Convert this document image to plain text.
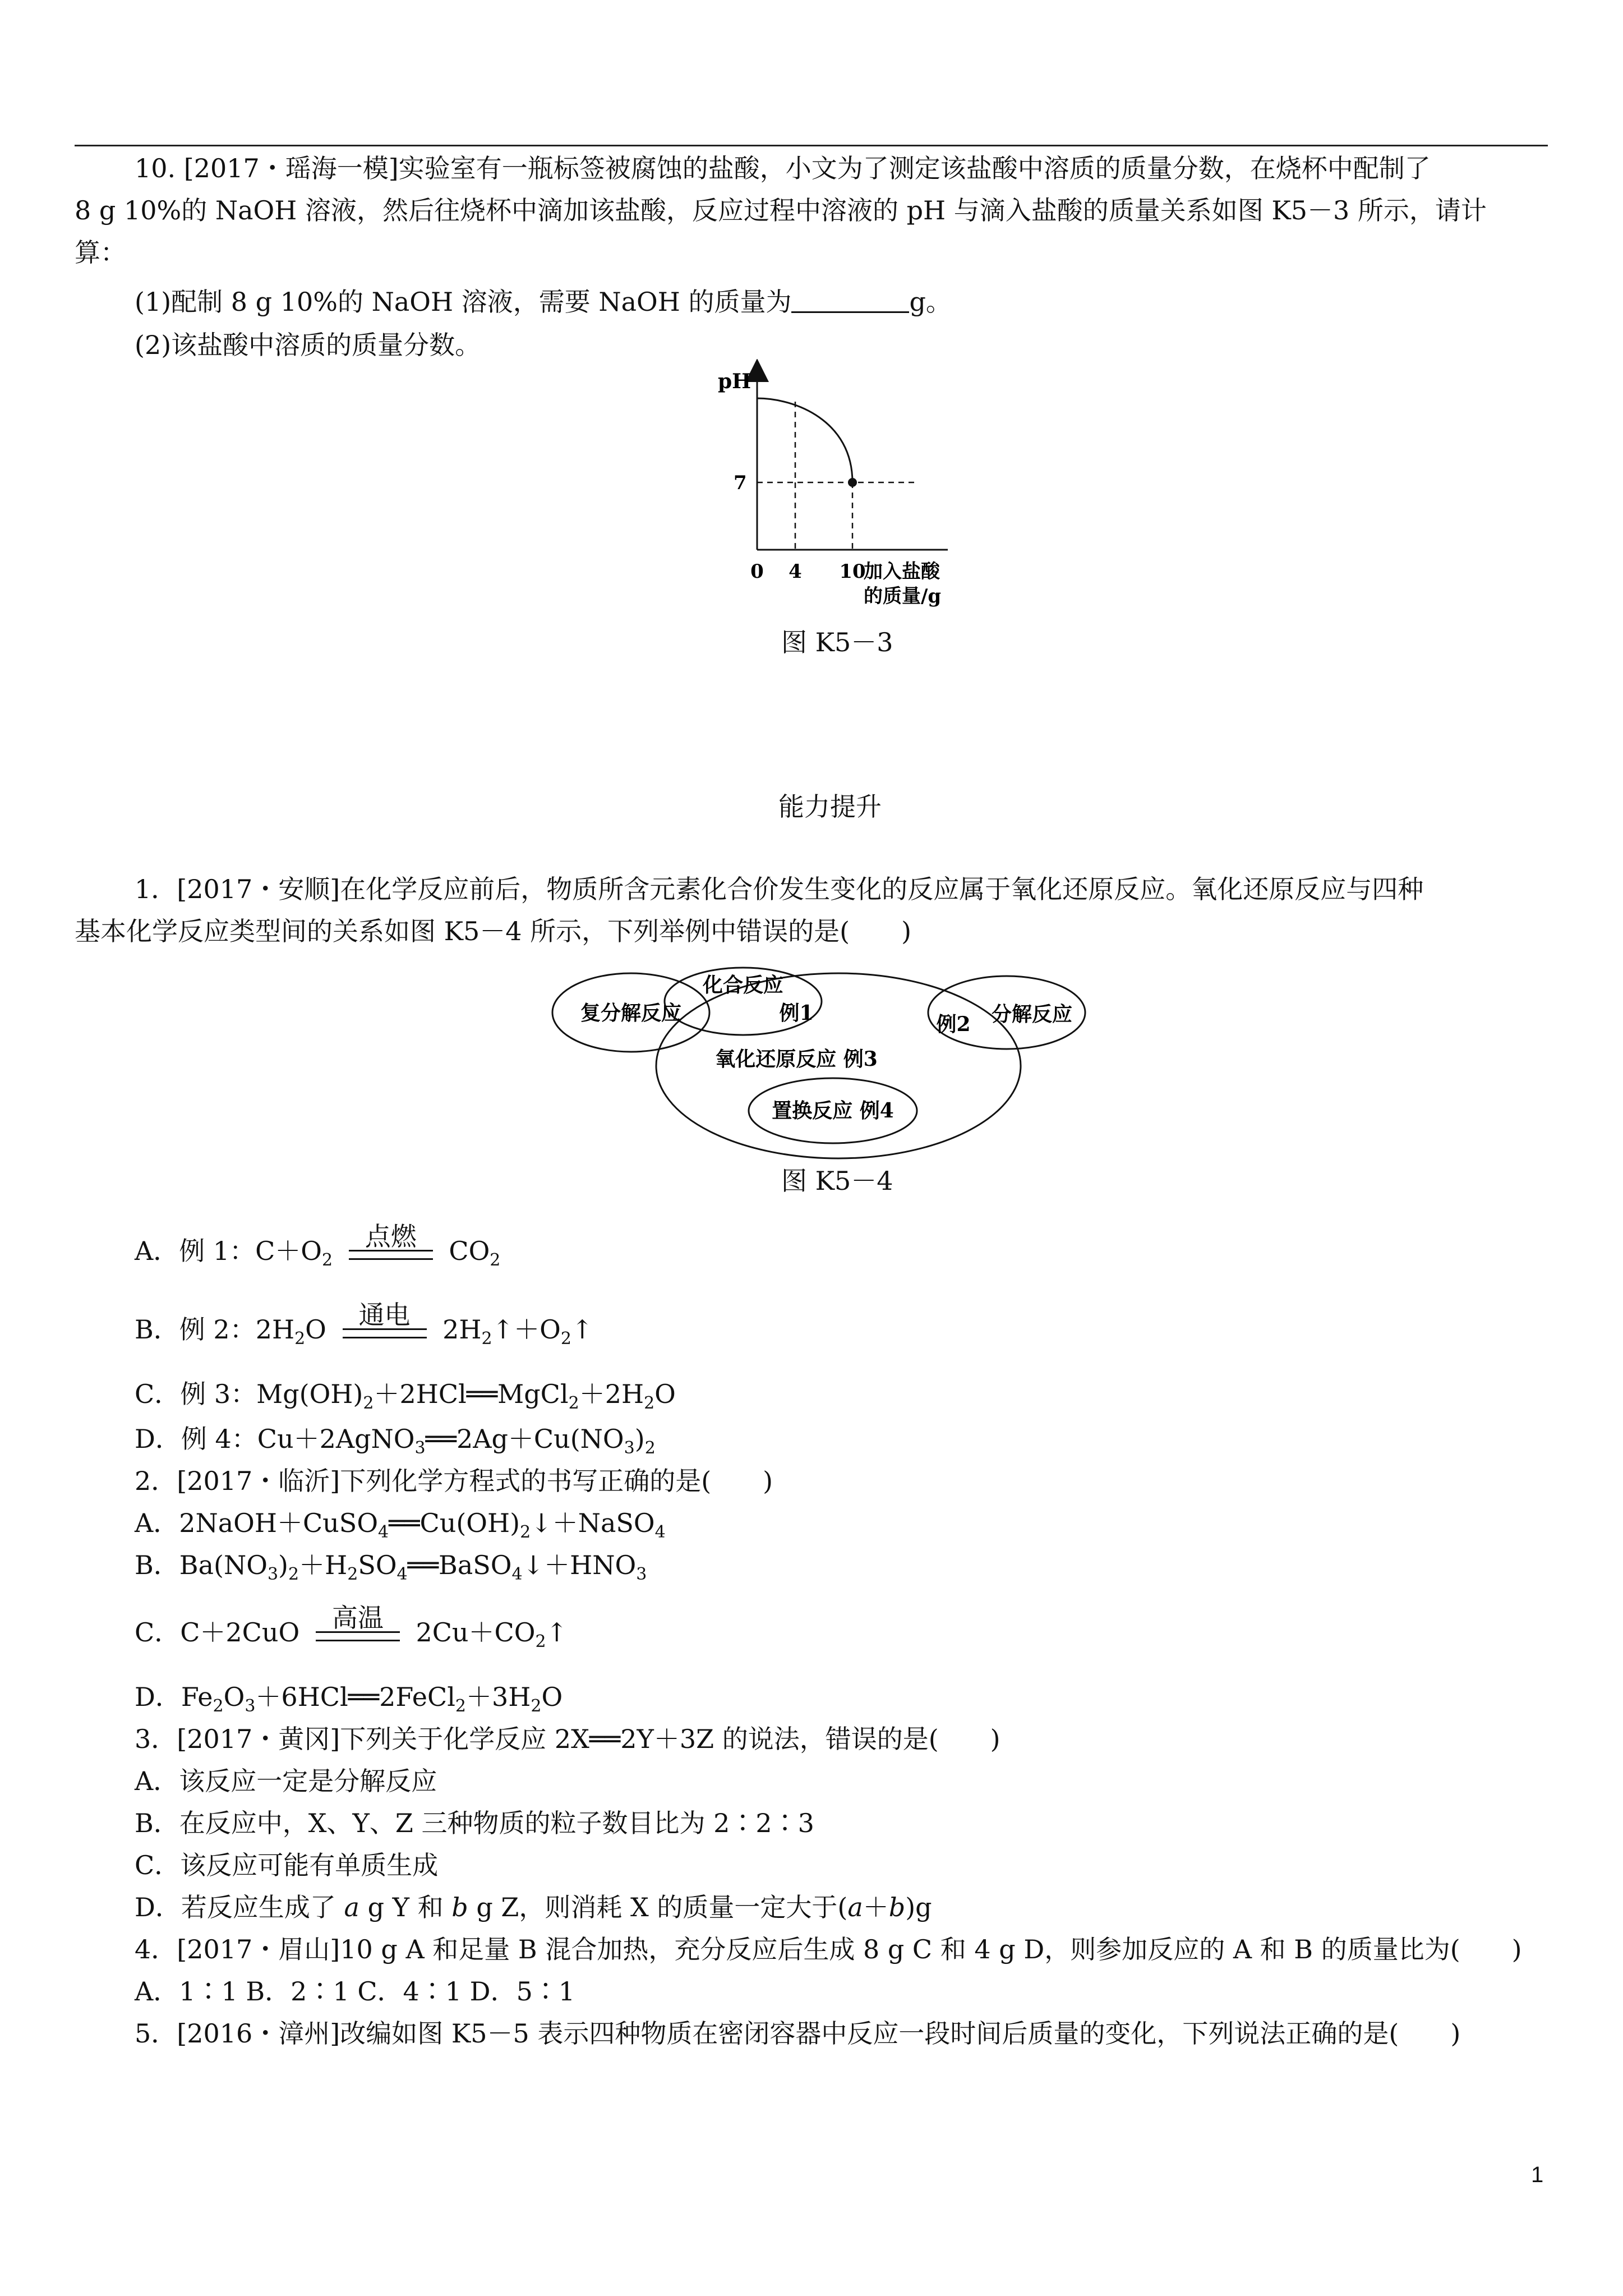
10. [2017・瑶海一模]实验室有一瓶标签被腐蚀的盐酸，小文为了测定该盐酸中溶质的质量分数，在烧杯中配制了
8 g 10%的 NaOH 溶液，然后往烧杯中滴加该盐酸，反应过程中溶液的 pH 与滴入盐酸的质量关系如图 K5－3 所示，请计
算：
(1)配制 8 g 10%的 NaOH 溶液，需要 NaOH 的质量为	g。
(2)该盐酸中溶质的质量分数。
pH
7
0 4 10
加入盐酸
的质量/g
图 K5－3
能力提升
1．[2017・安顺]在化学反应前后，物质所含元素化合价发生变化的反应属于氧化还原反应。氧化还原反应与四种
基本化学反应类型间的关系如图 K5－4 所示，下列举例中错误的是(　　)
复分解反应
化合反应
例1	例2 分解反应
氧化还原反应 例3
置换反应 例4
图 K5－4
A．例 1：$C+O_2$
点燃	$CO_2$
B．例 2：$2H_2O$ 通电	$2H_2↑+O_2↑$
C．例 3：$Mg(OH)_2+2HCl══MgCl_2+2H_2O$
D．例 4：$Cu+2AgNO_3══2Ag+Cu(NO_3)_2$
2．[2017・临沂]下列化学方程式的书写正确的是(　　)
A．$2NaOH+CuSO_4══Cu(OH)_2↓+NaSO_4$
B．$Ba(NO_3)_2+H_2SO_4══BaSO_4↓+HNO_3$
C．C＋2CuO	高温	$2Cu+CO_2↑$
D．$Fe_2O_3+6HCl══2FeCl_2+3H_2O$
3．[2017・黄冈]下列关于化学反应 2X══2Y＋3Z 的说法，错误的是(　　)
A．该反应一定是分解反应
B．在反应中，X、Y、Z 三种物质的粒子数目比为 2∶2∶3
C．该反应可能有单质生成
D．若反应生成了 a g Y 和 b g Z，则消耗 X 的质量一定大于(a＋b)g
4．[2017・眉山]10 g A 和足量 B 混合加热，充分反应后生成 8 g C 和 4 g D，则参加反应的 A 和 B 的质量比为(　　)
A．1∶1 B．2∶1 C．4∶1 D．5∶1
5．[2016・漳州]改编如图 K5－5 表示四种物质在密闭容器中反应一段时间后质量的变化，下列说法正确的是(　　)
1
